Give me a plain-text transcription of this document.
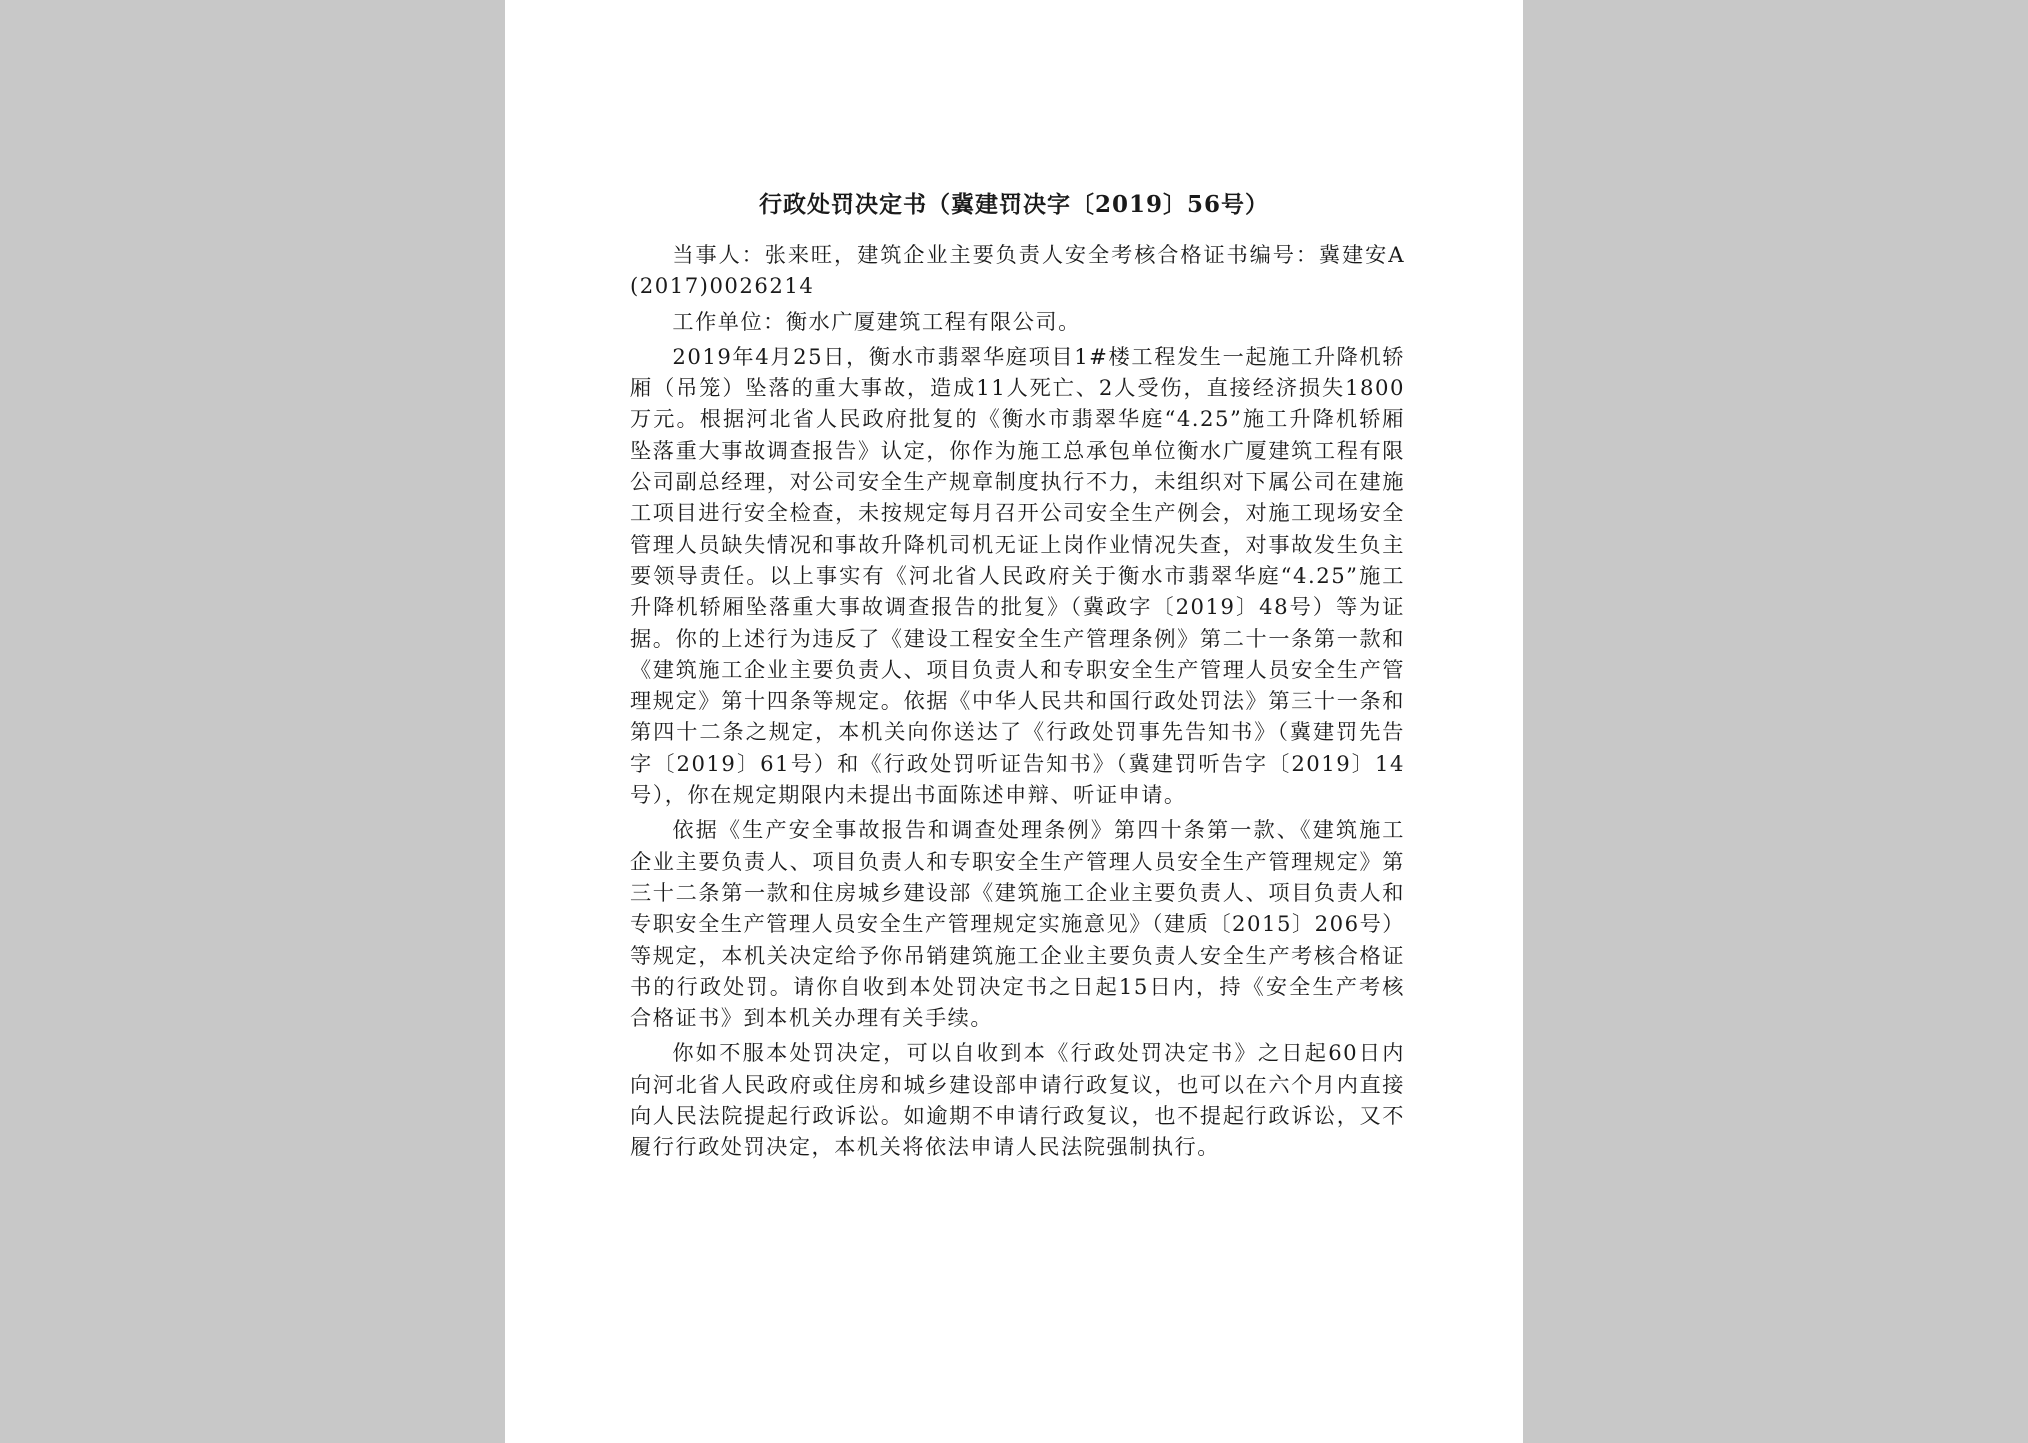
行政处罚决定书（冀建罚决字〔2019〕56号）

当事人：张来旺，建筑企业主要负责人安全考核合格证书编号：冀建安A(2017)0026214

工作单位：衡水广厦建筑工程有限公司。

2019年4月25日，衡水市翡翠华庭项目1#楼工程发生一起施工升降机轿厢（吊笼）坠落的重大事故，造成11人死亡、2人受伤，直接经济损失1800万元。根据河北省人民政府批复的《衡水市翡翠华庭“4.25”施工升降机轿厢坠落重大事故调查报告》认定，你作为施工总承包单位衡水广厦建筑工程有限公司副总经理，对公司安全生产规章制度执行不力，未组织对下属公司在建施工项目进行安全检查，未按规定每月召开公司安全生产例会，对施工现场安全管理人员缺失情况和事故升降机司机无证上岗作业情况失查，对事故发生负主要领导责任。以上事实有《河北省人民政府关于衡水市翡翠华庭“4.25”施工升降机轿厢坠落重大事故调查报告的批复》（冀政字〔2019〕48号）等为证据。你的上述行为违反了《建设工程安全生产管理条例》第二十一条第一款和《建筑施工企业主要负责人、项目负责人和专职安全生产管理人员安全生产管理规定》第十四条等规定。依据《中华人民共和国行政处罚法》第三十一条和第四十二条之规定，本机关向你送达了《行政处罚事先告知书》（冀建罚先告字〔2019〕61号）和《行政处罚听证告知书》（冀建罚听告字〔2019〕14号），你在规定期限内未提出书面陈述申辩、听证申请。

依据《生产安全事故报告和调查处理条例》第四十条第一款、《建筑施工企业主要负责人、项目负责人和专职安全生产管理人员安全生产管理规定》第三十二条第一款和住房城乡建设部《建筑施工企业主要负责人、项目负责人和专职安全生产管理人员安全生产管理规定实施意见》（建质〔2015〕206号）等规定，本机关决定给予你吊销建筑施工企业主要负责人安全生产考核合格证书的行政处罚。请你自收到本处罚决定书之日起15日内，持《安全生产考核合格证书》到本机关办理有关手续。

你如不服本处罚决定，可以自收到本《行政处罚决定书》之日起60日内向河北省人民政府或住房和城乡建设部申请行政复议，也可以在六个月内直接向人民法院提起行政诉讼。如逾期不申请行政复议，也不提起行政诉讼，又不履行行政处罚决定，本机关将依法申请人民法院强制执行。
